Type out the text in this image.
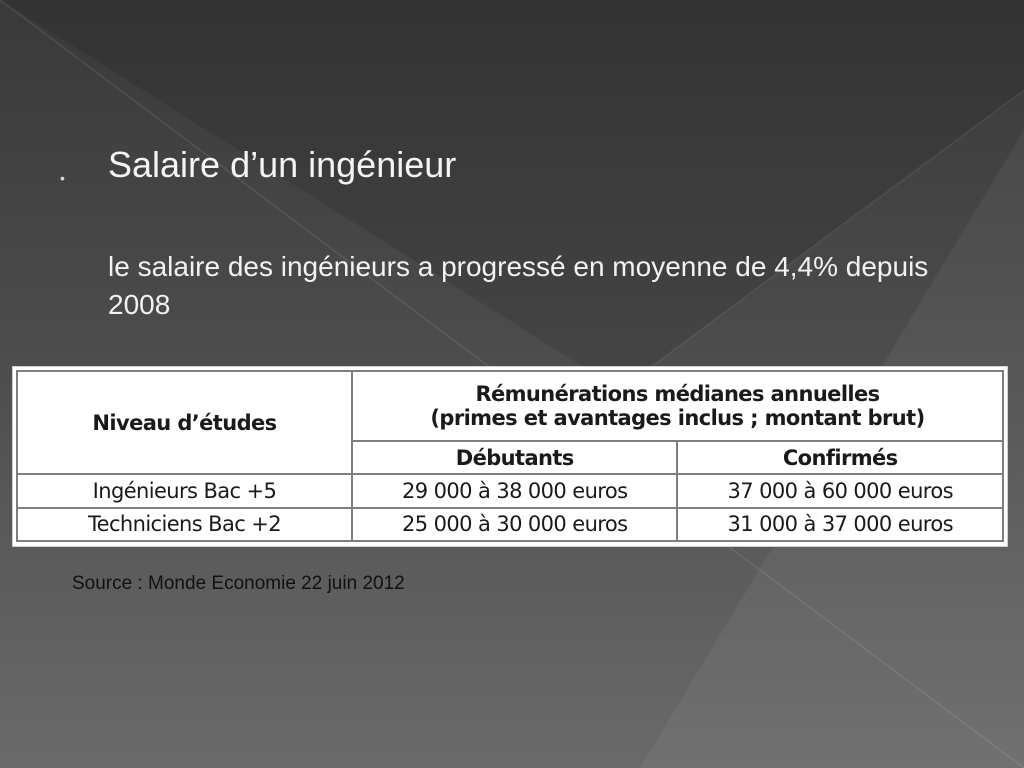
• Salaire d’un ingénieur
le salaire des ingénieurs a progressé en moyenne de 4,4% depuis 2008
Niveau d’études	Rémunérations médianes annuelles
(primes et avantages inclus ; montant brut)	

	Débutants	Confirmés
Ingénieurs Bac +5	29 000 à 38 000 euros	37 000 à 60 000 euros
Techniciens Bac +2	25 000 à 30 000 euros	31 000 à 37 000 euros
Source : Monde Economie 22 juin 2012
